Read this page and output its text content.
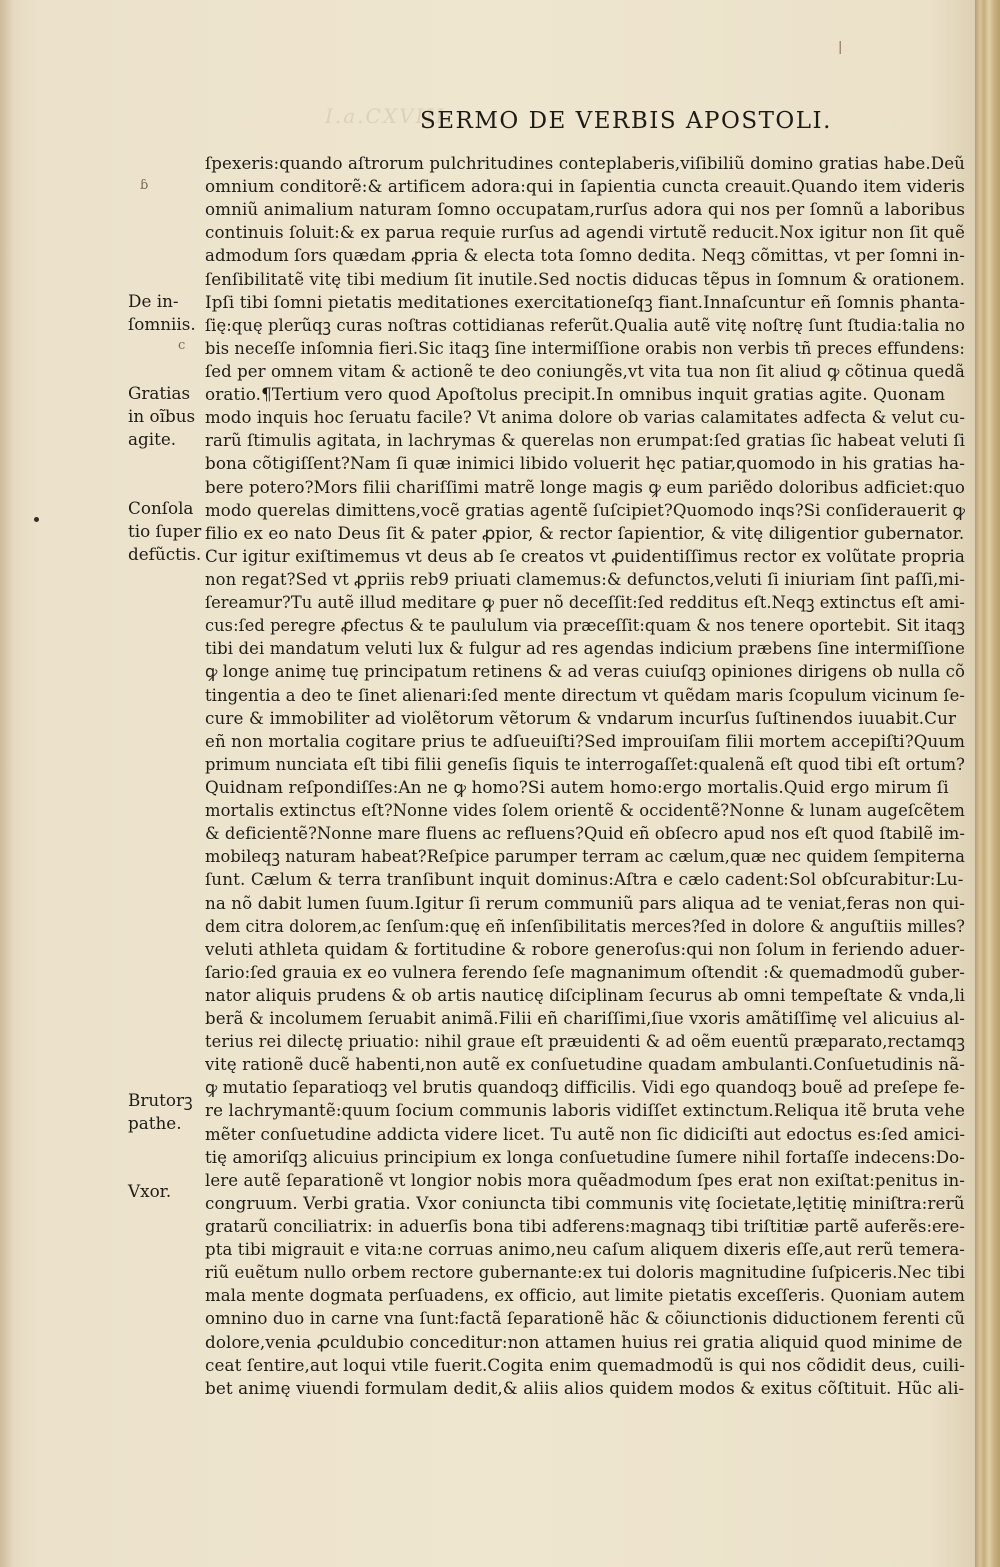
I.a.CXVIII.
SERMO DE VERBIS APOSTOLI.
ſpexeris:quando aſtrorum pulchritudines conteplaberis,viſibiliũ domino gratias habe.Deũ
omnium conditorẽ:& artificem adora:qui in ſapientia cuncta creauit.Quando item videris
omniũ animalium naturam ſomno occupatam,rurſus adora qui nos per ſomnũ a laboribus
continuis ſoluit:& ex parua requie rurſus ad agendi virtutẽ reducit.Nox igitur non ſit quẽ
admodum ſors quædam ꝓpria & electa tota ſomno dedita. Neqꝫ cõmittas, vt per ſomni in-
ſenſibilitatẽ vitę tibi medium ſit inutile.Sed noctis diducas tẽpus in ſomnum & orationem.
Ipſi tibi ſomni pietatis meditationes exercitationeſqꝫ fiant.Innaſcuntur eñ ſomnis phanta-
ſię:quę plerũqꝫ curas noſtras cottidianas referũt.Qualia autẽ vitę noſtrę ſunt ſtudia:talia no
bis neceſſe inſomnia fieri.Sic itaqꝫ ſine intermiſſione orabis non verbis tñ preces effundens:
ſed per omnem vitam & actionẽ te deo coniungẽs,vt vita tua non ſit aliud ꝙ cõtinua quedã
oratio.¶Tertium vero quod Apoſtolus precipit.In omnibus inquit gratias agite. Quonam
modo inquis hoc ſeruatu facile? Vt anima dolore ob varias calamitates adfecta & velut cu-
rarũ ſtimulis agitata, in lachrymas & querelas non erumpat:ſed gratias ſic habeat veluti ſi
bona cõtigiſſent?Nam ſi quæ inimici libido voluerit hęc patiar,quomodo in his gratias ha-
bere potero?Mors filii chariſſimi matrẽ longe magis ꝙ eum pariẽdo doloribus adficiet:quo
modo querelas dimittens,vocẽ gratias agentẽ ſuſcipiet?Quomodo inqs?Si conſiderauerit ꝙ
filio ex eo nato Deus ſit & pater ꝓpior, & rector ſapientior, & vitę diligentior gubernator.
Cur igitur exiſtimemus vt deus ab ſe creatos vt ꝓuidentiſſimus rector ex volũtate propria
non regat?Sed vt ꝓpriis reb9 priuati clamemus:& defunctos,veluti ſi iniuriam ſint paſſi,mi-
ſereamur?Tu autẽ illud meditare ꝙ puer nõ deceſſit:ſed redditus eſt.Neqꝫ extinctus eſt ami-
cus:ſed peregre ꝓfectus & te paululum via præceſſit:quam & nos tenere oportebit. Sit itaqꝫ
tibi dei mandatum veluti lux & fulgur ad res agendas indicium præbens ſine intermiſſione
ꝙ longe animę tuę principatum retinens & ad veras cuiuſqꝫ opiniones dirigens ob nulla cõ
tingentia a deo te ſinet alienari:ſed mente directum vt quẽdam maris ſcopulum vicinum ſe-
cure & immobiliter ad violẽtorum vẽtorum & vndarum incurſus ſuſtinendos iuuabit.Cur
eñ non mortalia cogitare prius te adſueuiſti?Sed improuiſam filii mortem accepiſti?Quum
primum nunciata eſt tibi filii geneſis ſiquis te interrogaſſet:qualenã eſt quod tibi eſt ortum?
Quidnam reſpondiſſes:An ne ꝙ homo?Si autem homo:ergo mortalis.Quid ergo mirum ſi
mortalis extinctus eſt?Nonne vides ſolem orientẽ & occidentẽ?Nonne & lunam augeſcẽtem
& deficientẽ?Nonne mare fluens ac refluens?Quid eñ obſecro apud nos eſt quod ſtabilẽ im-
mobileqꝫ naturam habeat?Reſpice parumper terram ac cælum,quæ nec quidem ſempiterna
ſunt. Cælum & terra tranſibunt inquit dominus:Aſtra e cælo cadent:Sol obſcurabitur:Lu-
na nõ dabit lumen ſuum.Igitur ſi rerum communiũ pars aliqua ad te veniat,feras non qui-
dem citra dolorem,ac ſenſum:quę eñ inſenſibilitatis merces?ſed in dolore & anguſtiis milles?
veluti athleta quidam & fortitudine & robore generoſus:qui non ſolum in feriendo aduer-
ſario:ſed grauia ex eo vulnera ferendo ſeſe magnanimum oſtendit :& quemadmodũ guber-
nator aliquis prudens & ob artis nauticę diſciplinam ſecurus ab omni tempeſtate & vnda,li
berã & incolumem ſeruabit animã.Filii eñ chariſſimi,ſiue vxoris amãtiſſimę vel alicuius al-
terius rei dilectę priuatio: nihil graue eſt præuidenti & ad oẽm euentũ præparato,rectamqꝫ
vitę rationẽ ducẽ habenti,non autẽ ex conſuetudine quadam ambulanti.Conſuetudinis nã-
ꝙ mutatio ſeparatioqꝫ vel brutis quandoqꝫ difficilis. Vidi ego quandoqꝫ bouẽ ad preſepe fe-
re lachrymantẽ:quum ſocium communis laboris vidiſſet extinctum.Reliqua itẽ bruta vehe
mẽter conſuetudine addicta videre licet. Tu autẽ non ſic didiciſti aut edoctus es:ſed amici-
tię amoriſqꝫ alicuius principium ex longa conſuetudine ſumere nihil fortaſſe indecens:Do-
lere autẽ ſeparationẽ vt longior nobis mora quẽadmodum ſpes erat non exiſtat:penitus in-
congruum. Verbi gratia. Vxor coniuncta tibi communis vitę ſocietate,lętitię miniſtra:rerũ
gratarũ conciliatrix: in aduerſis bona tibi adferens:magnaqꝫ tibi triſtitiæ partẽ auferẽs:ere-
pta tibi migrauit e vita:ne corruas animo,neu caſum aliquem dixeris eſſe,aut rerũ temera-
riũ euẽtum nullo orbem rectore gubernante:ex tui doloris magnitudine ſuſpiceris.Nec tibi
mala mente dogmata perſuadens, ex officio, aut limite pietatis exceſſeris. Quoniam autem
omnino duo in carne vna ſunt:factã ſeparationẽ hãc & cõiunctionis diductionem ferenti cũ
dolore,venia ꝓculdubio conceditur:non attamen huius rei gratia aliquid quod minime de
ceat ſentire,aut loqui vtile fuerit.Cogita enim quemadmodũ is qui nos cõdidit deus, cuili-
bet animę viuendi formulam dedit,& aliis alios quidem modos & exitus cõſtituit. Hũc ali-
De in-
ſomniis.
Gratias
in oĩbus
agite.
Conſola
tio ſuper
defũctis.
Brutorꝫ
pathe.
Vxor.
ɓ
c
|
